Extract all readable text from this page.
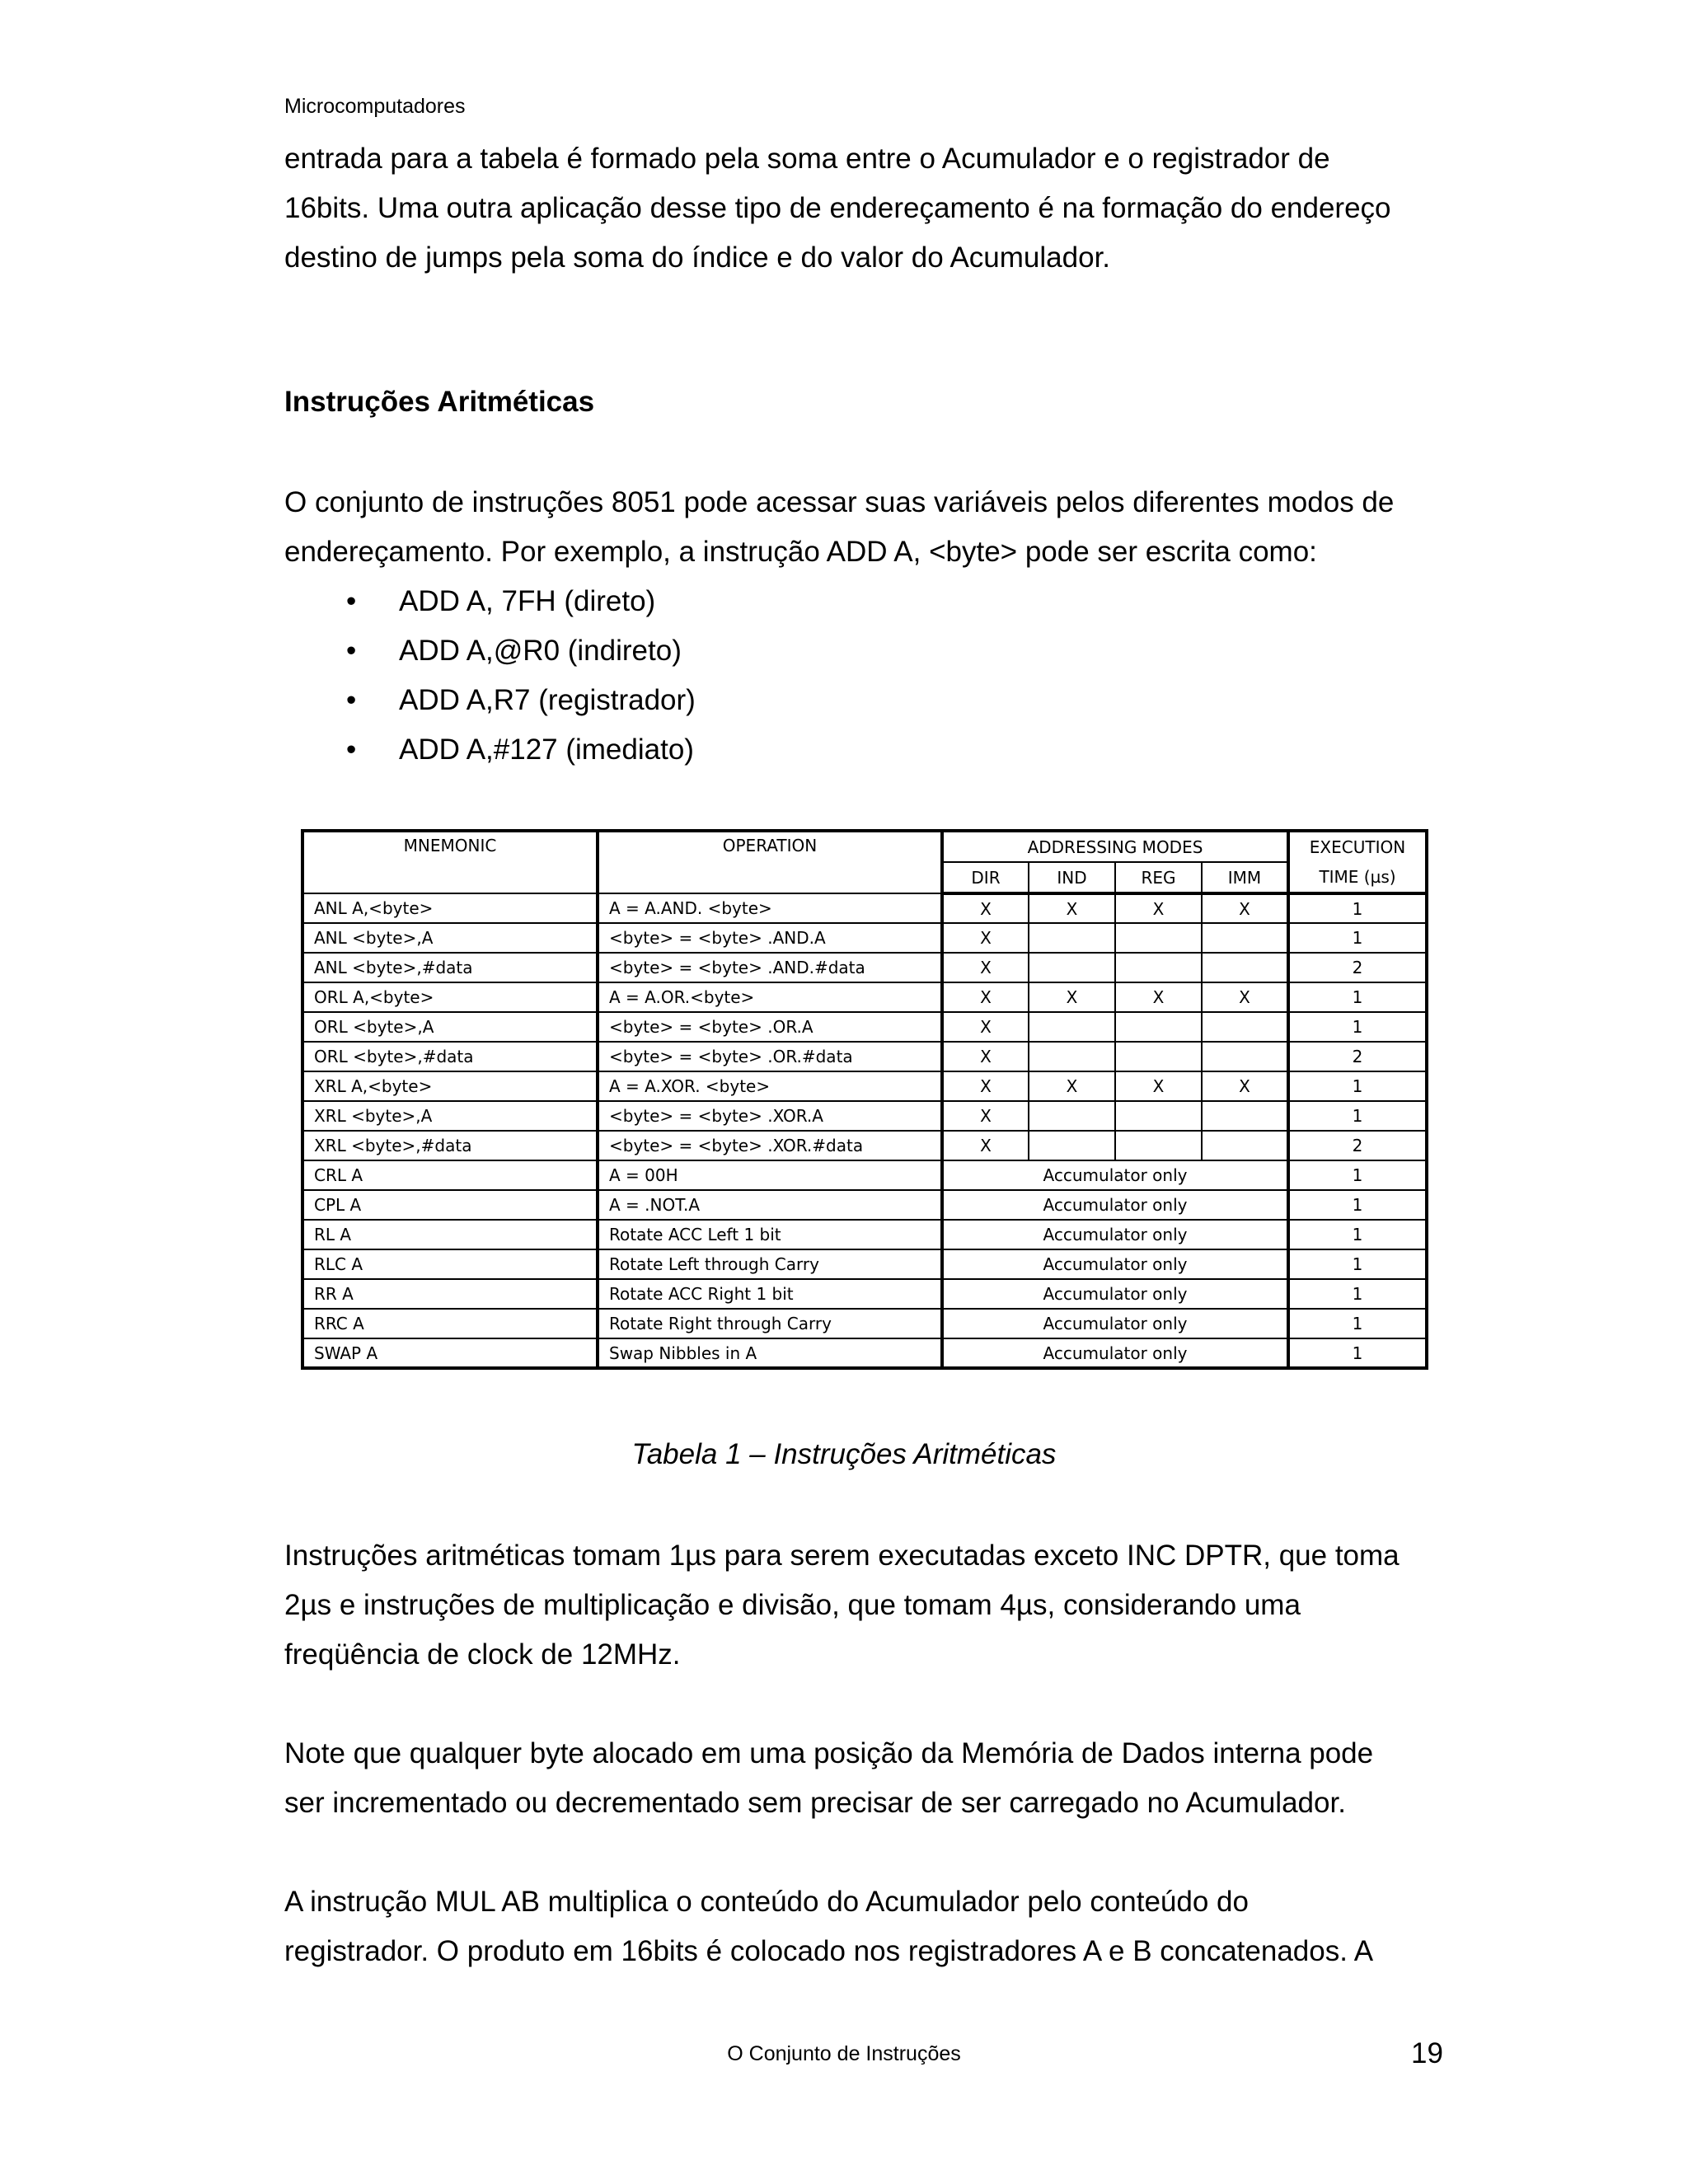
Microcomputadores

entrada para a tabela é formado pela soma entre o Acumulador e o registrador de

16bits. Uma outra aplicação desse tipo de endereçamento é na formação do endereço

destino de jumps pela soma do índice e do valor do Acumulador.

Instruções Aritméticas

O conjunto de instruções 8051 pode acessar suas variáveis pelos diferentes modos de

endereçamento. Por exemplo, a instrução ADD A, <byte> pode ser escrita como:

• ADD A, 7FH (direto)
• ADD A,@R0 (indireto)
• ADD A,R7 (registrador)
• ADD A,#127 (imediato)
MNEMONIC	OPERATION	ADDRESSING MODES				EXECUTION
		DIR	IND	REG	IMM	TIME (µs)
ANL A,<byte>	A = A.AND. <byte>	X	X	X	X	1
ANL <byte>,A	<byte> = <byte> .AND.A	X				1
ANL <byte>,#data	<byte> = <byte> .AND.#data	X				2
ORL A,<byte>	A = A.OR.<byte>	X	X	X	X	1
ORL <byte>,A	<byte> = <byte> .OR.A	X				1
ORL <byte>,#data	<byte> = <byte> .OR.#data	X				2
XRL A,<byte>	A = A.XOR. <byte>	X	X	X	X	1
XRL <byte>,A	<byte> = <byte> .XOR.A	X				1
XRL <byte>,#data	<byte> = <byte> .XOR.#data	X				2
CRL A	A = 00H	Accumulator only				1
CPL A	A = .NOT.A	Accumulator only				1
RL A	Rotate ACC Left 1 bit	Accumulator only				1
RLC A	Rotate Left through Carry	Accumulator only				1
RR A	Rotate ACC Right 1 bit	Accumulator only				1
RRC A	Rotate Right through Carry	Accumulator only				1
SWAP A	Swap Nibbles in A	Accumulator only				1
Tabela 1 – Instruções Aritméticas

Instruções aritméticas tomam 1µs para serem executadas exceto INC DPTR, que toma

2µs e instruções de multiplicação e divisão, que tomam 4µs, considerando uma

freqüência de clock de 12MHz.

Note que qualquer byte alocado em uma posição da Memória de Dados interna pode

ser incrementado ou decrementado sem precisar de ser carregado no Acumulador.

A instrução MUL AB multiplica o conteúdo do Acumulador pelo conteúdo do

registrador. O produto em 16bits é colocado nos registradores A e B concatenados. A

O Conjunto de Instruções	19
